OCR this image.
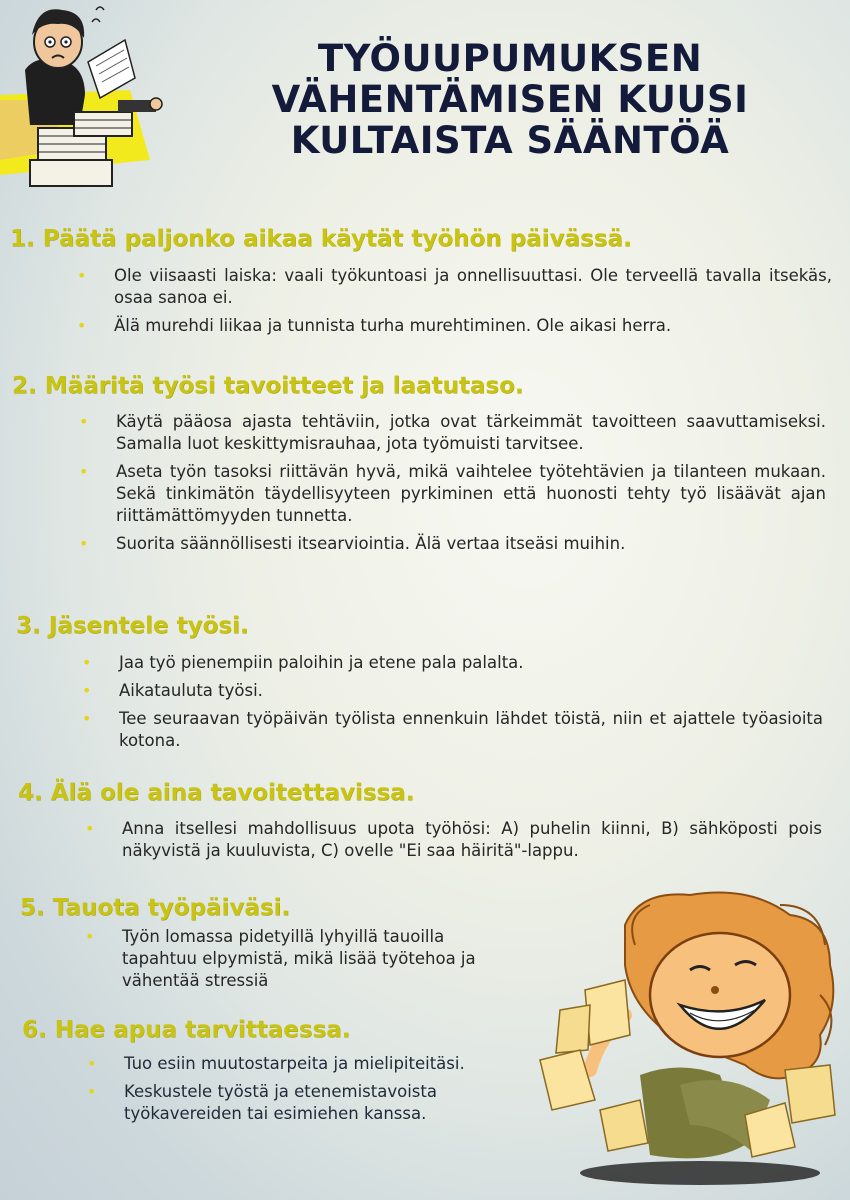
TYÖUUPUMUKSEN
VÄHENTÄMISEN KUUSI
KULTAISTA SÄÄNTÖÄ
1. Päätä paljonko aikaa käytät työhön päivässä.
• Ole viisaasti laiska: vaali työkuntoasi ja onnellisuuttasi. Ole terveellä tavalla itsekäs, osaa sanoa ei.
• Älä murehdi liikaa ja tunnista turha murehtiminen. Ole aikasi herra.
2. Määritä työsi tavoitteet ja laatutaso.
• Käytä pääosa ajasta tehtäviin, jotka ovat tärkeimmät tavoitteen saavuttamiseksi. Samalla luot keskittymisrauhaa, jota työmuisti tarvitsee.
• Aseta työn tasoksi riittävän hyvä, mikä vaihtelee työtehtävien ja tilanteen mukaan. Sekä tinkimätön täydellisyyteen pyrkiminen että huonosti tehty työ lisäävät ajan riittämättömyyden tunnetta.
• Suorita säännöllisesti itsearviointia. Älä vertaa itseäsi muihin.
3. Jäsentele työsi.
• Jaa työ pienempiin paloihin ja etene pala palalta.
• Aikatauluta työsi.
• Tee seuraavan työpäivän työlista ennenkuin lähdet töistä, niin et ajattele työasioita kotona.
4. Älä ole aina tavoitettavissa.
• Anna itsellesi mahdollisuus upota työhösi: A) puhelin kiinni, B) sähköposti pois näkyvistä ja kuuluvista, C) ovelle "Ei saa häiritä"-lappu.
5. Tauota työpäiväsi.
• Työn lomassa pidetyillä lyhyillä tauoilla tapahtuu elpymistä, mikä lisää työtehoa ja vähentää stressiä
6. Hae apua tarvittaessa.
• Tuo esiin muutostarpeita ja mielipiteitäsi.
• Keskustele työstä ja etenemistavoista työkavereiden tai esimiehen kanssa.
